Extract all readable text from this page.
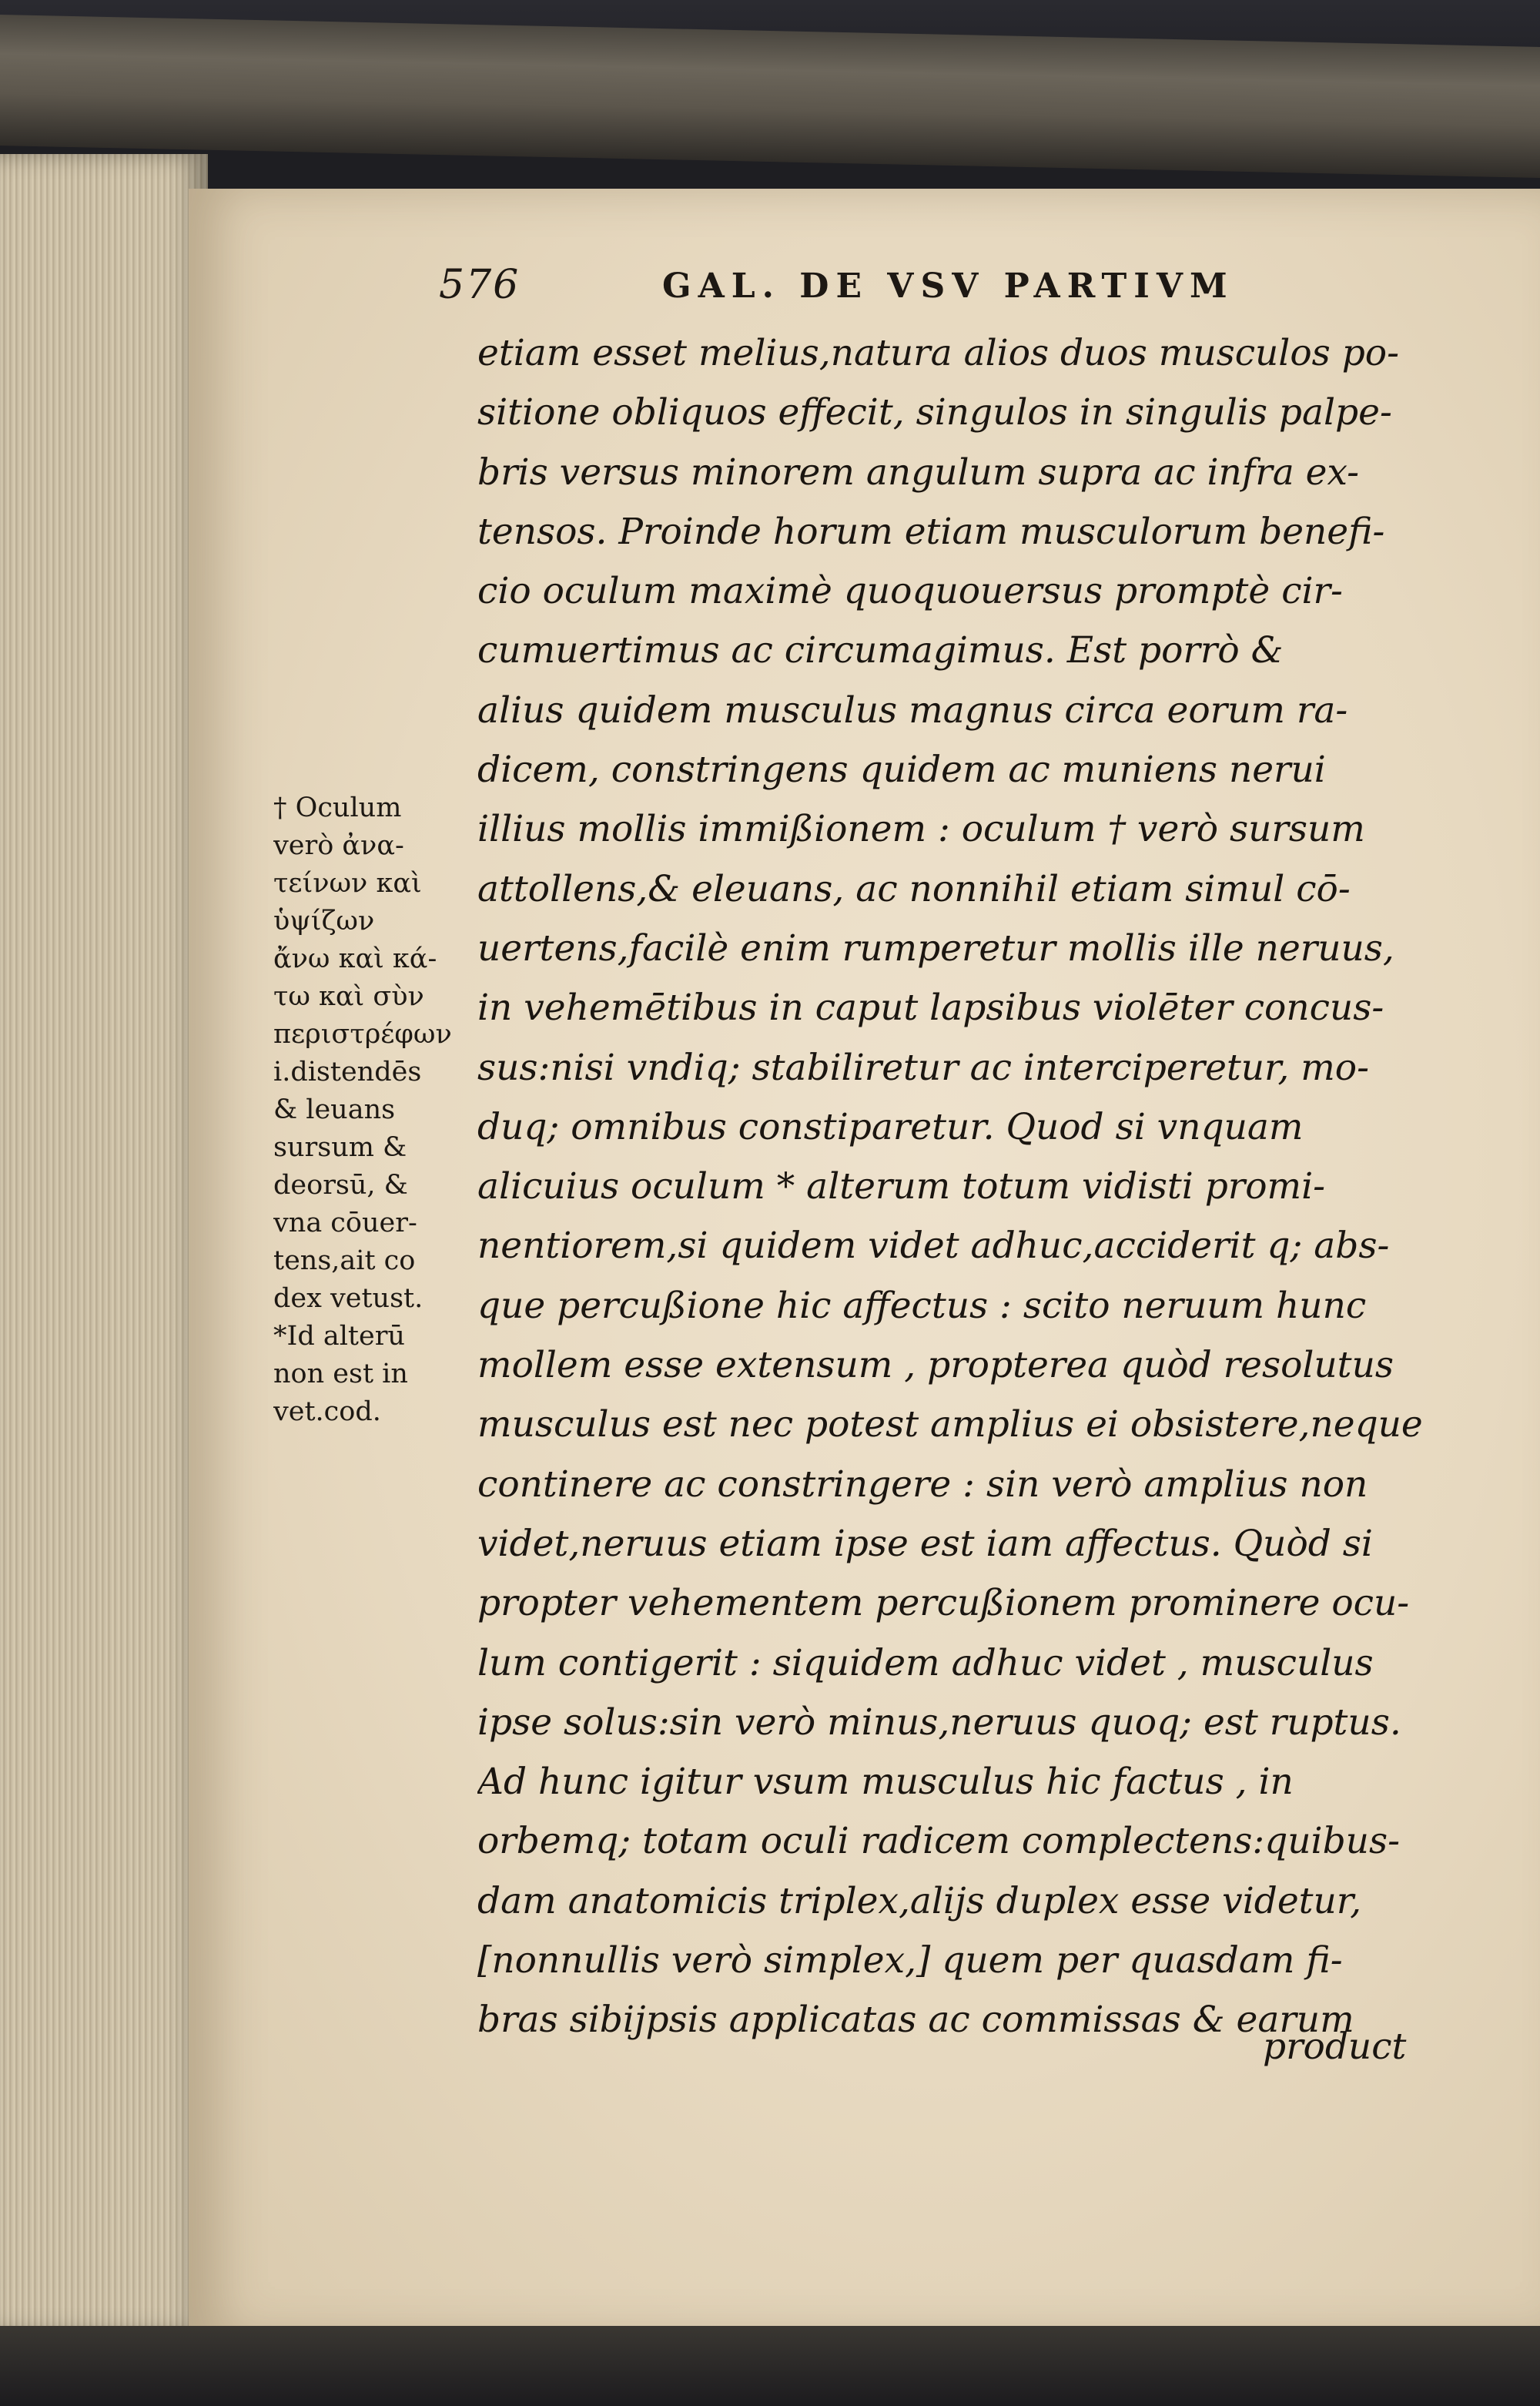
576	GAL. DE VSV PARTIVM
etiam esset melius,natura alios duos musculos po-
sitione obliquos effecit, singulos in singulis palpe-
bris versus minorem angulum supra ac infra ex-
tensos. Proinde horum etiam musculorum benefi-
cio oculum maximè quoquouersus promptè cir-
cumuertimus ac circumagimus. Est porrò &
alius quidem musculus magnus circa eorum ra-
dicem, constringens quidem ac muniens nerui
illius mollis immißionem : oculum † verò sursum
attollens,& eleuans, ac nonnihil etiam simul cō-
uertens,facilè enim rumperetur mollis ille neruus,
in vehemētibus in caput lapsibus violēter concus-
sus:nisi vndiq; stabiliretur ac interciperetur, mo-
duq; omnibus constiparetur. Quod si vnquam
alicuius oculum * alterum totum vidisti promi-
nentiorem,si quidem videt adhuc,acciderit q; abs-
que percußione hic affectus : scito neruum hunc
mollem esse extensum , propterea quòd resolutus
musculus est nec potest amplius ei obsistere,neque
continere ac constringere : sin verò amplius non
videt,neruus etiam ipse est iam affectus. Quòd si
propter vehementem percußionem prominere ocu-
lum contigerit : siquidem adhuc videt , musculus
ipse solus:sin verò minus,neruus quoq; est ruptus.
Ad hunc igitur vsum musculus hic factus , in
orbemq; totam oculi radicem complectens:quibus-
dam anatomicis triplex,aliјs duplex esse videtur,
[nonnullis verò simplex,] quem per quasdam fi-
bras sibijpsis applicatas ac commissas & earum
product
† Oculum
verò ἀνα-
τείνων καὶ
ὑψίζων
ἄνω καὶ κά-
τω καὶ σὺν
περιστρέφων
i.distendēs
& leuans
sursum &
deorsū, &
vna cōuer-
tens,ait co
dex vetust.
*Id alterū
non est in
vet.cod.
